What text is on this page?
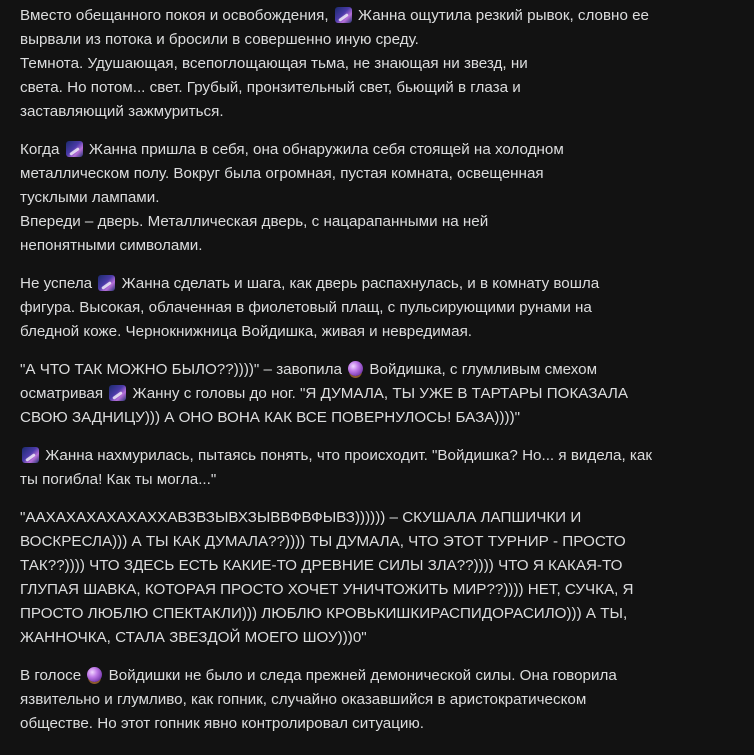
Вместо обещанного покоя и освобождения,  Жанна ощутила резкий рывок, словно ее
вырвали из потока и бросили в совершенно иную среду.
Темнота. Удушающая, всепоглощающая тьма, не знающая ни звезд, ни
света. Но потом... свет. Грубый, пронзительный свет, бьющий в глаза и
заставляющий зажмуриться.
Когда  Жанна пришла в себя, она обнаружила себя стоящей на холодном
металлическом полу. Вокруг была огромная, пустая комната, освещенная
тусклыми лампами.
Впереди – дверь. Металлическая дверь, с нацарапанными на ней
непонятными символами.
Не успела  Жанна сделать и шага, как дверь распахнулась, и в комнату вошла
фигура. Высокая, облаченная в фиолетовый плащ, с пульсирующими рунами на
бледной коже. Чернокнижница Войдишка, живая и невредимая.
"А ЧТО ТАК МОЖНО БЫЛО??))))" – завопила  Войдишка, с глумливым смехом
осматривая  Жанну с головы до ног. "Я ДУМАЛА, ТЫ УЖЕ В ТАРТАРЫ ПОКАЗАЛА
СВОЮ ЗАДНИЦУ))) А ОНО ВОНА КАК ВСЕ ПОВЕРНУЛОСЬ! БАЗА))))"
Жанна нахмурилась, пытаясь понять, что происходит. "Войдишка? Но... я видела, как
ты погибла! Как ты могла..."
"ААХАХАХАХАХАХХАВЗВЗЫВХЗЫВВФВФЫВЗ)))))) – СКУШАЛА ЛАПШИЧКИ И
ВОСКРЕСЛА))) А ТЫ КАК ДУМАЛА??)))) ТЫ ДУМАЛА, ЧТО ЭТОТ ТУРНИР - ПРОСТО
ТАК??)))) ЧТО ЗДЕСЬ ЕСТЬ КАКИЕ-ТО ДРЕВНИЕ СИЛЫ ЗЛА??)))) ЧТО Я КАКАЯ-ТО
ГЛУПАЯ ШАВКА, КОТОРАЯ ПРОСТО ХОЧЕТ УНИЧТОЖИТЬ МИР??)))) НЕТ, СУЧКА, Я
ПРОСТО ЛЮБЛЮ СПЕКТАКЛИ))) ЛЮБЛЮ КРОВЬКИШКИРАСПИДОРАСИЛО))) А ТЫ,
ЖАННОЧКА, СТАЛА ЗВЕЗДОЙ МОЕГО ШОУ)))0"
В голосе  Войдишки не было и следа прежней демонической силы. Она говорила
язвительно и глумливо, как гопник, случайно оказавшийся в аристократическом
обществе. Но этот гопник явно контролировал ситуацию.
